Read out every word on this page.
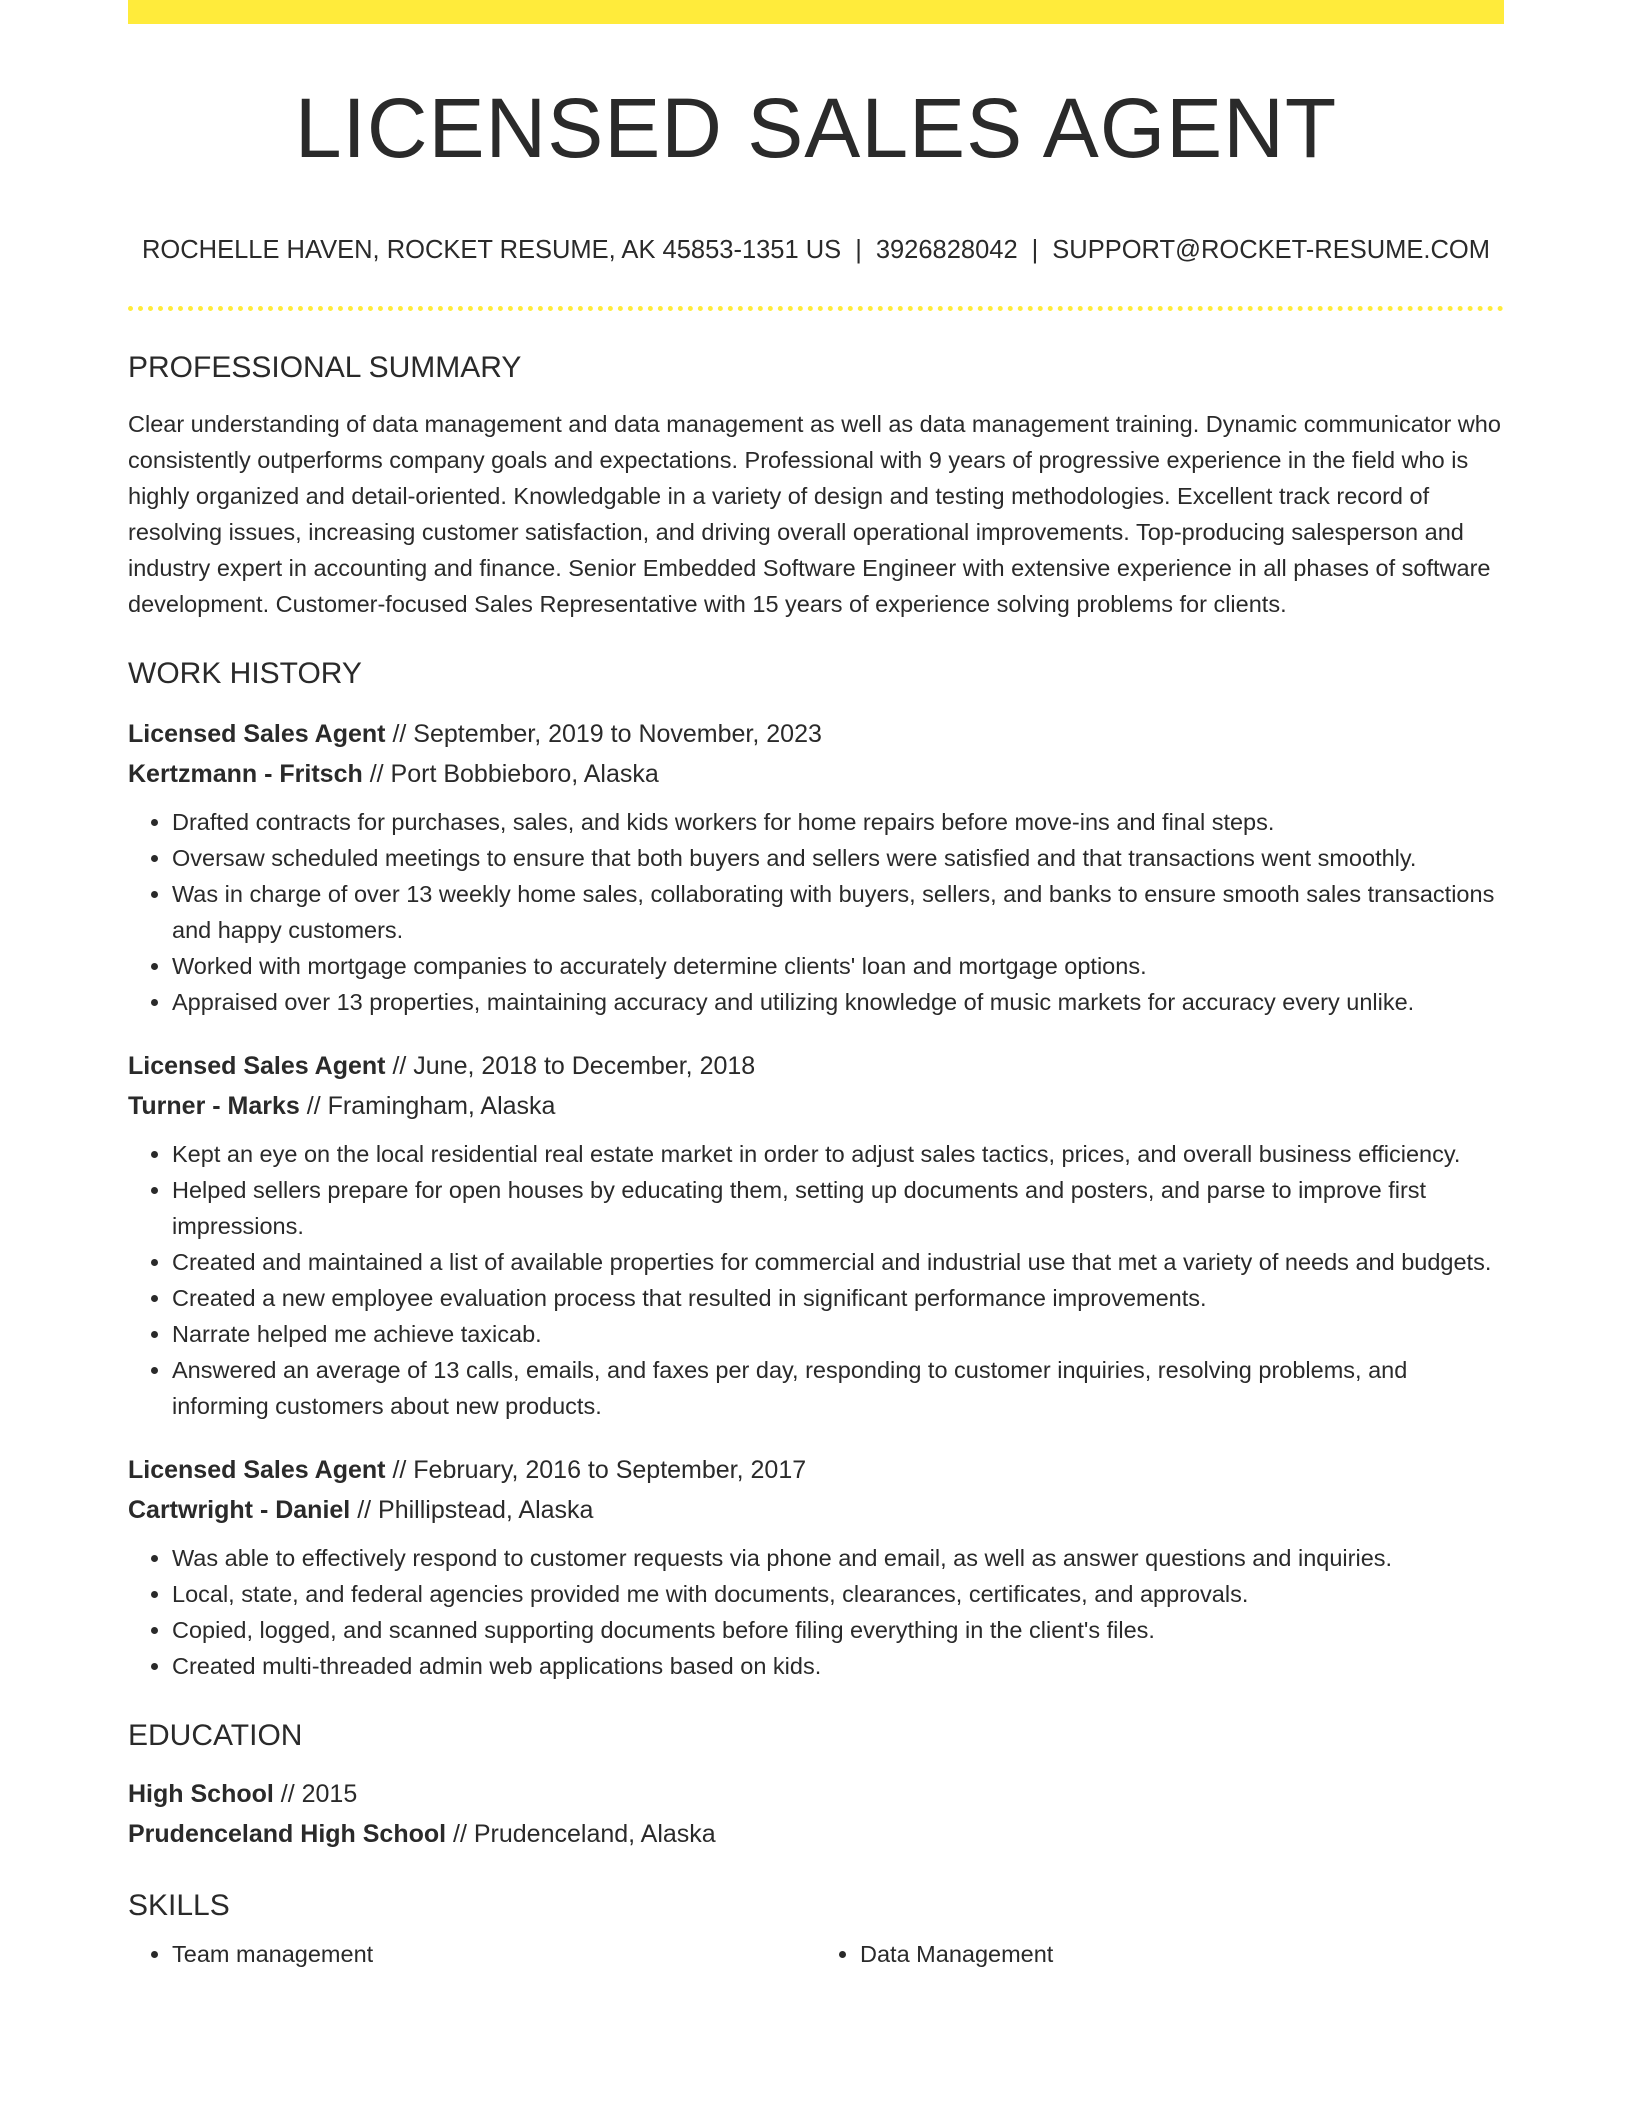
LICENSED SALES AGENT
ROCHELLE HAVEN, ROCKET RESUME, AK 45853-1351 US | 3926828042 | SUPPORT@ROCKET-RESUME.COM
PROFESSIONAL SUMMARY

Clear understanding of data management and data management as well as data management training. Dynamic communicator who consistently outperforms company goals and expectations. Professional with 9 years of progressive experience in the field who is highly organized and detail-oriented. Knowledgable in a variety of design and testing methodologies. Excellent track record of resolving issues, increasing customer satisfaction, and driving overall operational improvements. Top-producing salesperson and industry expert in accounting and finance. Senior Embedded Software Engineer with extensive experience in all phases of software development. Customer-focused Sales Representative with 15 years of experience solving problems for clients.

WORK HISTORY
Licensed Sales Agent // September, 2019 to November, 2023
Kertzmann - Fritsch // Port Bobbieboro, Alaska
• Drafted contracts for purchases, sales, and kids workers for home repairs before move-ins and final steps.
• Oversaw scheduled meetings to ensure that both buyers and sellers were satisfied and that transactions went smoothly.
• Was in charge of over 13 weekly home sales, collaborating with buyers, sellers, and banks to ensure smooth sales transactions and happy customers.
• Worked with mortgage companies to accurately determine clients' loan and mortgage options.
• Appraised over 13 properties, maintaining accuracy and utilizing knowledge of music markets for accuracy every unlike.
Licensed Sales Agent // June, 2018 to December, 2018
Turner - Marks // Framingham, Alaska
• Kept an eye on the local residential real estate market in order to adjust sales tactics, prices, and overall business efficiency.
• Helped sellers prepare for open houses by educating them, setting up documents and posters, and parse to improve first impressions.
• Created and maintained a list of available properties for commercial and industrial use that met a variety of needs and budgets.
• Created a new employee evaluation process that resulted in significant performance improvements.
• Narrate helped me achieve taxicab.
• Answered an average of 13 calls, emails, and faxes per day, responding to customer inquiries, resolving problems, and informing customers about new products.
Licensed Sales Agent // February, 2016 to September, 2017
Cartwright - Daniel // Phillipstead, Alaska
• Was able to effectively respond to customer requests via phone and email, as well as answer questions and inquiries.
• Local, state, and federal agencies provided me with documents, clearances, certificates, and approvals.
• Copied, logged, and scanned supporting documents before filing everything in the client's files.
• Created multi-threaded admin web applications based on kids.
EDUCATION
High School // 2015
Prudenceland High School // Prudenceland, Alaska
SKILLS
• Team management
•	Data Management
